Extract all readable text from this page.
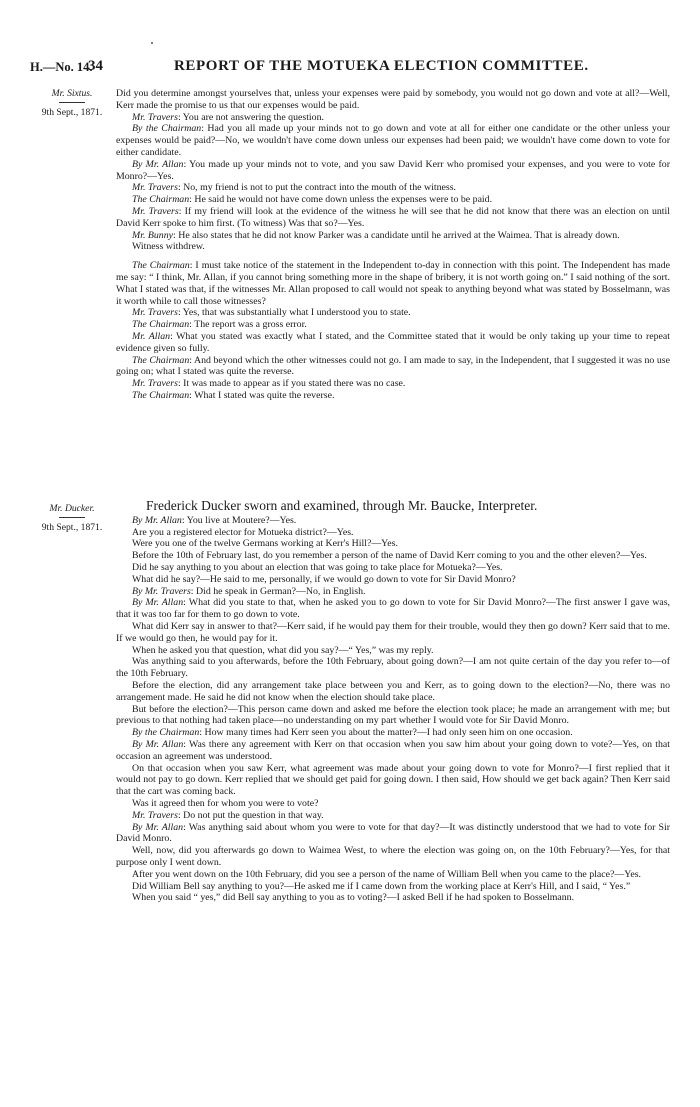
H.—No. 14.
34	REPORT OF THE MOTUEKA ELECTION COMMITTEE.
Mr. Sixtus.
9th Sept., 1871.
Mr. Ducker.
9th Sept., 1871.

Did you determine amongst yourselves that, unless your expenses were paid by somebody, you would not go down and vote at all?—Well, Kerr made the promise to us that our expenses would be paid.

Mr. Travers: You are not answering the question.

By the Chairman: Had you all made up your minds not to go down and vote at all for either one candidate or the other unless your expenses would be paid?—No, we wouldn't have come down unless our expenses had been paid; we wouldn't have come down to vote for either candidate.

By Mr. Allan: You made up your minds not to vote, and you saw David Kerr who promised your expenses, and you were to vote for Monro?—Yes.

Mr. Travers: No, my friend is not to put the contract into the mouth of the witness.

The Chairman: He said he would not have come down unless the expenses were to be paid.

Mr. Travers: If my friend will look at the evidence of the witness he will see that he did not know that there was an election on until David Kerr spoke to him first. (To witness) Was that so?—Yes.

Mr. Bunny: He also states that he did not know Parker was a candidate until he arrived at the Waimea. That is already down.

Witness withdrew.

The Chairman: I must take notice of the statement in the Independent to-day in connection with this point. The Independent has made me say: “ I think, Mr. Allan, if you cannot bring something more in the shape of bribery, it is not worth going on.” I said nothing of the sort. What I stated was that, if the witnesses Mr. Allan proposed to call would not speak to anything beyond what was stated by Bosselmann, was it worth while to call those witnesses?

Mr. Travers: Yes, that was substantially what I understood you to state.

The Chairman: The report was a gross error.

Mr. Allan: What you stated was exactly what I stated, and the Committee stated that it would be only taking up your time to repeat evidence given so fully.

The Chairman: And beyond which the other witnesses could not go. I am made to say, in the Independent, that I suggested it was no use going on; what I stated was quite the reverse.

Mr. Travers: It was made to appear as if you stated there was no case.

The Chairman: What I stated was quite the reverse.

Frederick Ducker sworn and examined, through Mr. Baucke, Interpreter.

By Mr. Allan: You live at Moutere?—Yes.

Are you a registered elector for Motueka district?—Yes.

Were you one of the twelve Germans working at Kerr's Hill?—Yes.

Before the 10th of February last, do you remember a person of the name of David Kerr coming to you and the other eleven?—Yes.

Did he say anything to you about an election that was going to take place for Motueka?—Yes.

What did he say?—He said to me, personally, if we would go down to vote for Sir David Monro?

By Mr. Travers: Did he speak in German?—No, in English.

By Mr. Allan: What did you state to that, when he asked you to go down to vote for Sir David Monro?—The first answer I gave was, that it was too far for them to go down to vote.

What did Kerr say in answer to that?—Kerr said, if he would pay them for their trouble, would they then go down? Kerr said that to me. If we would go then, he would pay for it.

When he asked you that question, what did you say?—“ Yes,” was my reply.

Was anything said to you afterwards, before the 10th February, about going down?—I am not quite certain of the day you refer to—of the 10th February.

Before the election, did any arrangement take place between you and Kerr, as to going down to the election?—No, there was no arrangement made. He said he did not know when the election should take place.

But before the election?—This person came down and asked me before the election took place; he made an arrangement with me; but previous to that nothing had taken place—no understanding on my part whether I would vote for Sir David Monro.

By the Chairman: How many times had Kerr seen you about the matter?—I had only seen him on one occasion.

By Mr. Allan: Was there any agreement with Kerr on that occasion when you saw him about your going down to vote?—Yes, on that occasion an agreement was understood.

On that occasion when you saw Kerr, what agreement was made about your going down to vote for Monro?—I first replied that it would not pay to go down. Kerr replied that we should get paid for going down. I then said, How should we get back again? Then Kerr said that the cart was coming back.

Was it agreed then for whom you were to vote?

Mr. Travers: Do not put the question in that way.

By Mr. Allan: Was anything said about whom you were to vote for that day?—It was distinctly understood that we had to vote for Sir David Monro.

Well, now, did you afterwards go down to Waimea West, to where the election was going on, on the 10th February?—Yes, for that purpose only I went down.

After you went down on the 10th February, did you see a person of the name of William Bell when you came to the place?—Yes.

Did William Bell say anything to you?—He asked me if I came down from the working place at Kerr's Hill, and I said, “ Yes.”

When you said “ yes,” did Bell say anything to you as to voting?—I asked Bell if he had spoken to Bosselmann.
